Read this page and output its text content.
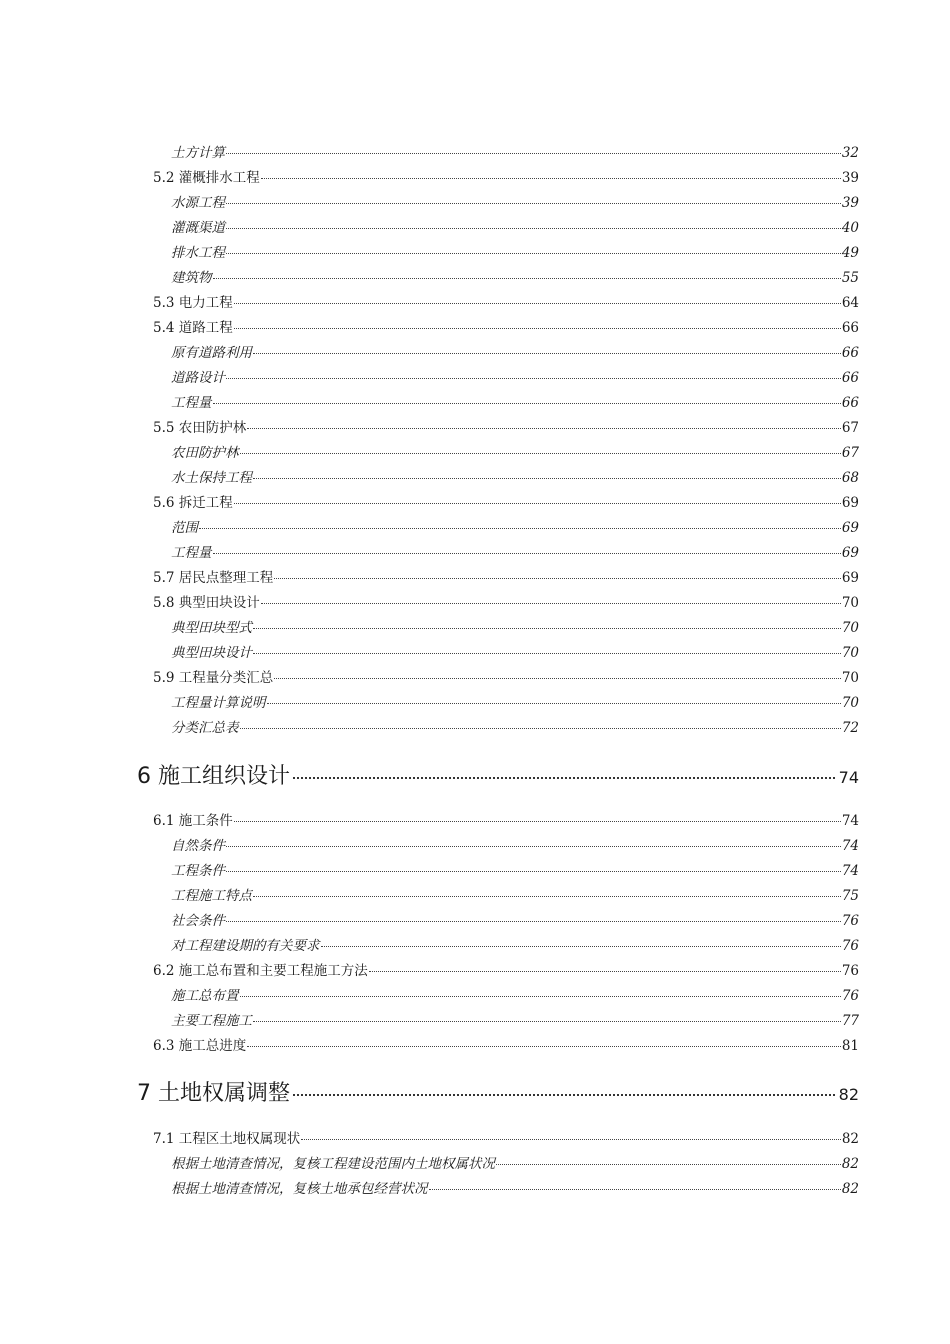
土方计算	32
5.2 灌概排水工程	39
水源工程	39
灌溉渠道	40
排水工程	49
建筑物	55
5.3 电力工程	64
5.4 道路工程	66
原有道路利用	66
道路设计	66
工程量	66
5.5 农田防护林	67
农田防护林	67
水土保持工程	68
5.6 拆迁工程	69
范围	69
工程量	69
5.7 居民点整理工程	69
5.8 典型田块设计	70
典型田块型式	70
典型田块设计	70
5.9 工程量分类汇总	70
工程量计算说明	70
分类汇总表	72
6 施工组织设计	74
6.1 施工条件	74
自然条件	74
工程条件	74
工程施工特点	75
社会条件	76
对工程建设期的有关要求	76
6.2 施工总布置和主要工程施工方法	76
施工总布置	76
主要工程施工	77
6.3 施工总进度	81
7 土地权属调整	82
7.1 工程区土地权属现状	82
根据土地清查情况，复核工程建设范围内土地权属状况	82
根据土地清查情况，复核土地承包经营状况	82
